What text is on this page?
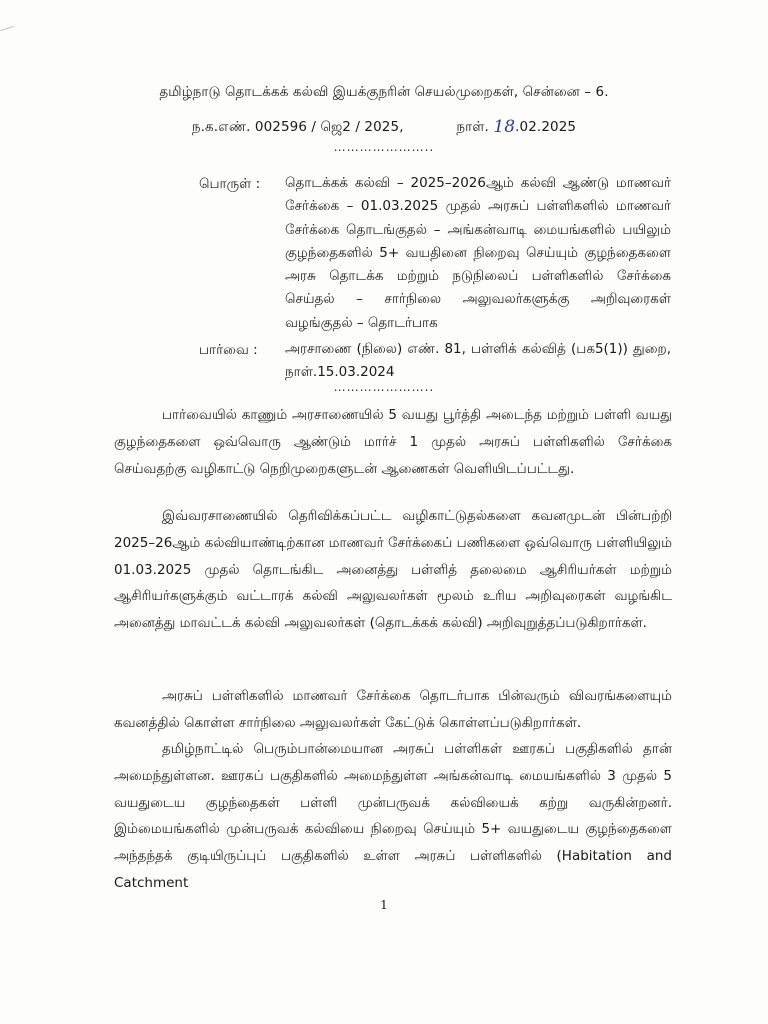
தமிழ்நாடு தொடக்கக் கல்வி இயக்குநரின் செயல்முறைகள், சென்னை – 6.
ந.க.எண். 002596 / ஜெ2 / 2025,	நாள். 18.02.2025
…………………..
பொருள் : தொடக்கக் கல்வி – 2025–2026ஆம் கல்வி ஆண்டு மாணவர் சேர்க்கை – 01.03.2025 முதல் அரசுப் பள்ளிகளில் மாணவர் சேர்க்கை தொடங்குதல் – அங்கன்வாடி மையங்களில் பயிலும் குழந்தைகளில் 5+ வயதினை நிறைவு செய்யும் குழந்தைகளை அரசு தொடக்க மற்றும் நடுநிலைப் பள்ளிகளில் சேர்க்கை செய்தல் – சார்நிலை அலுவலர்களுக்கு அறிவுரைகள் வழங்குதல் – தொடர்பாக
பார்வை : அரசாணை (நிலை) எண். 81, பள்ளிக் கல்வித் (பக5(1)) துறை, நாள்.15.03.2024
…………………..
பார்வையில் காணும் அரசாணையில் 5 வயது பூர்த்தி அடைந்த மற்றும் பள்ளி வயது குழந்தைகளை ஒவ்வொரு ஆண்டும் மார்ச் 1 முதல் அரசுப் பள்ளிகளில் சேர்க்கை செய்வதற்கு வழிகாட்டு நெறிமுறைகளுடன் ஆணைகள் வெளியிடப்பட்டது.
இவ்வரசாணையில் தெரிவிக்கப்பட்ட வழிகாட்டுதல்களை கவனமுடன் பின்பற்றி 2025–26ஆம் கல்வியாண்டிற்கான மாணவர் சேர்க்கைப் பணிகளை ஒவ்வொரு பள்ளியிலும் 01.03.2025 முதல் தொடங்கிட அனைத்து பள்ளித் தலைமை ஆசிரியர்கள் மற்றும் ஆசிரியர்களுக்கும் வட்டாரக் கல்வி அலுவலர்கள் மூலம் உரிய அறிவுரைகள் வழங்கிட அனைத்து மாவட்டக் கல்வி அலுவலர்கள் (தொடக்கக் கல்வி) அறிவுறுத்தப்படுகிறார்கள்.
அரசுப் பள்ளிகளில் மாணவர் சேர்க்கை தொடர்பாக பின்வரும் விவரங்களையும் கவனத்தில் கொள்ள சார்நிலை அலுவலர்கள் கேட்டுக் கொள்ளப்படுகிறார்கள்.
தமிழ்நாட்டில் பெரும்பான்மையான அரசுப் பள்ளிகள் ஊரகப் பகுதிகளில் தான் அமைந்துள்ளன. ஊரகப் பகுதிகளில் அமைந்துள்ள அங்கன்வாடி மையங்களில் 3 முதல் 5 வயதுடைய குழந்தைகள் பள்ளி முன்பருவக் கல்வியைக் கற்று வருகின்றனர். இம்மையங்களில் முன்பருவக் கல்வியை நிறைவு செய்யும் 5+ வயதுடைய குழந்தைகளை அந்தந்தக் குடியிருப்புப் பகுதிகளில் உள்ள அரசுப் பள்ளிகளில் (Habitation and Catchment
1
